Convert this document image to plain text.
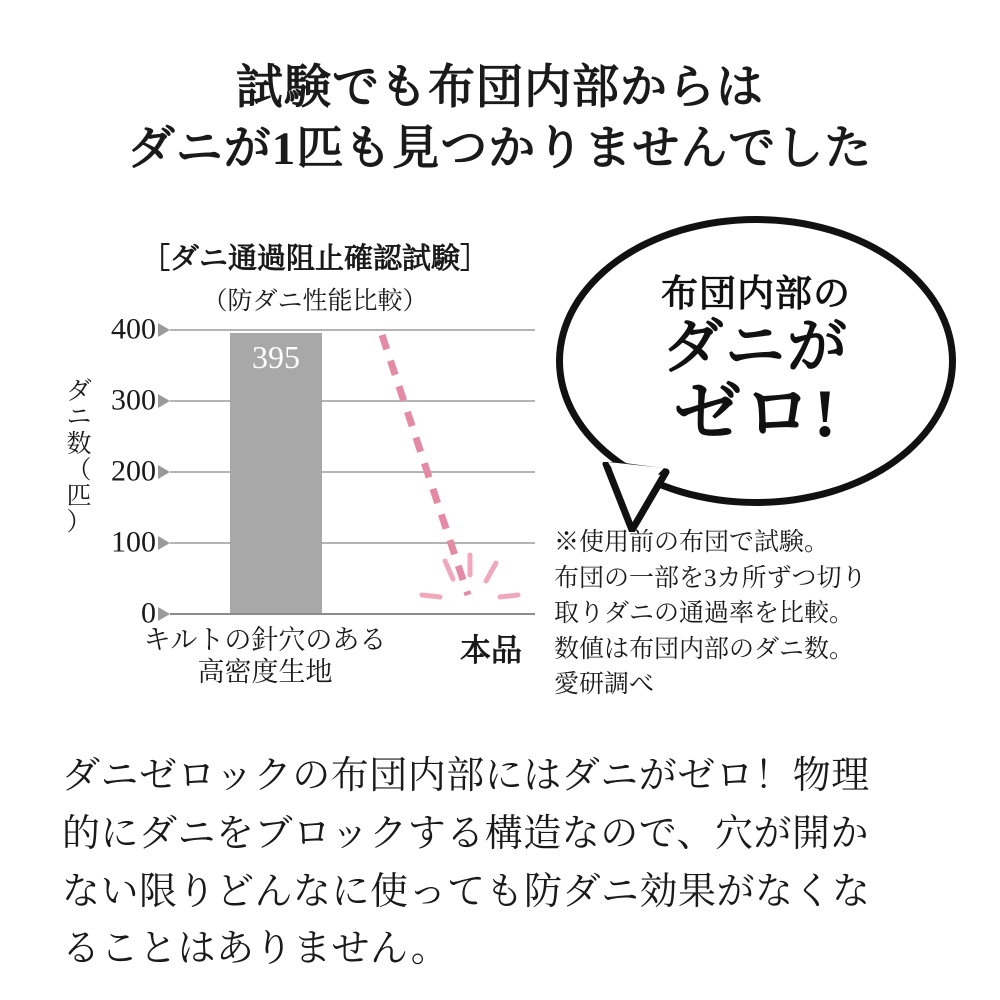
試験でも布団内部からは
ダニが1匹も見つかりませんでした
［ダニ通過阻止確認試験］
（防ダニ性能比較）
ダ
ニ
数
（
匹
）
400
300
200
100
0
395
キルトの針穴のある
高密度生地
本品
布団内部の
ダニが
ゼロ!
※使用前の布団で試験。
布団の一部を3カ所ずつ切り
取りダニの通過率を比較。
数値は布団内部のダニ数。
愛研調べ
ダニゼロックの布団内部にはダニがゼロ！物理
的にダニをブロックする構造なので、穴が開か
ない限りどんなに使っても防ダニ効果がなくな
ることはありません。
